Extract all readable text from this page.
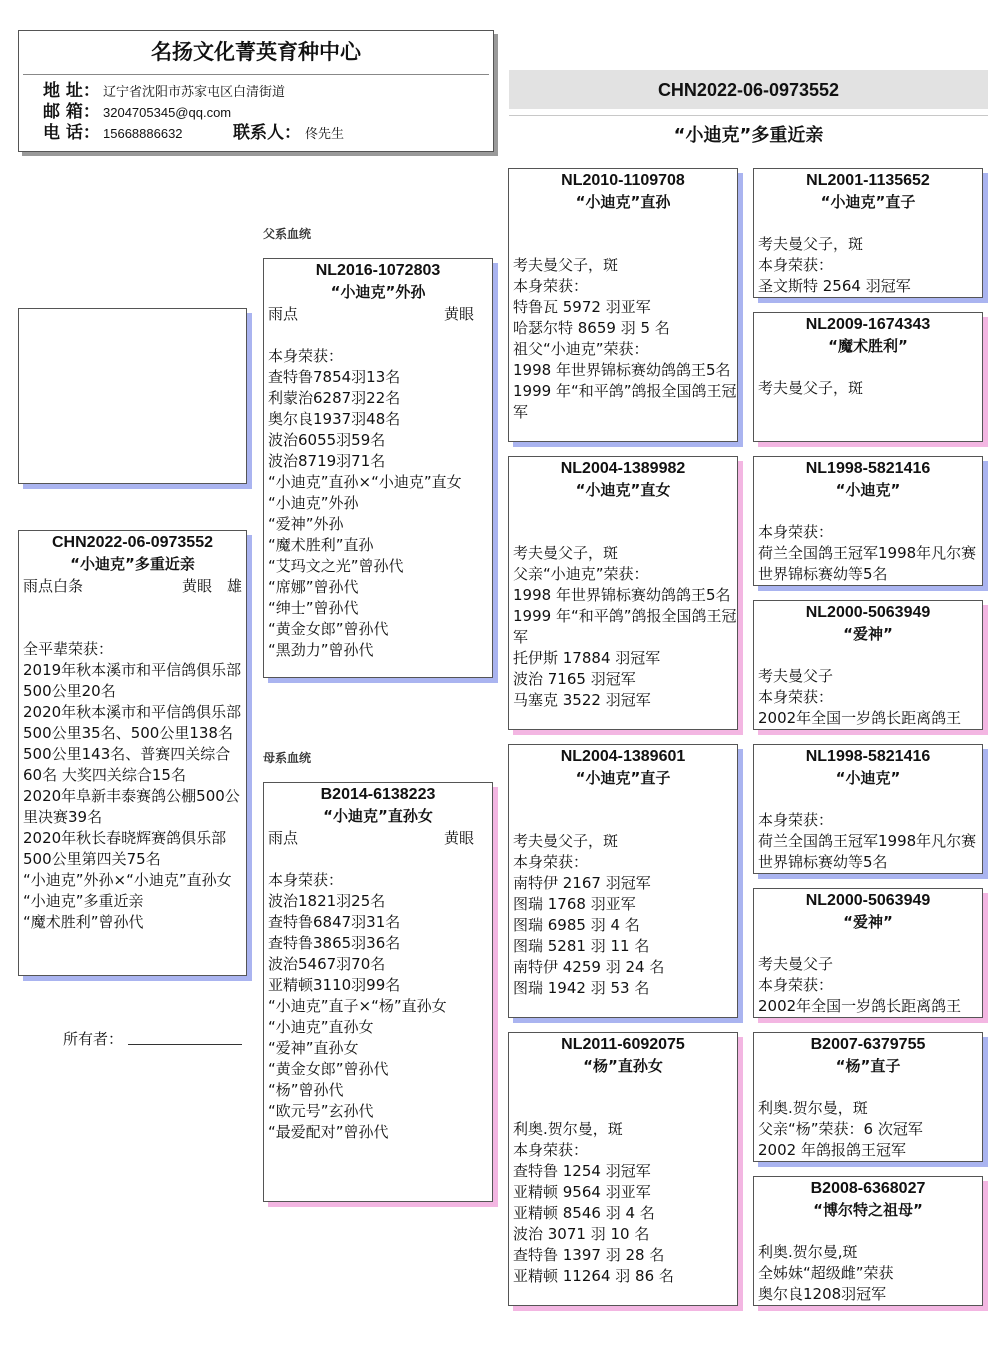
名扬文化菁英育种中心
地 址： 辽宁省沈阳市苏家屯区白清街道
邮 箱： 3204705345@qq.com
电 话： 15668886632	联系人： 佟先生
CHN2022-06-0973552
“小迪克”多重近亲
CHN2022-06-0973552
“小迪克”多重近亲
雨点白条	黄眼　雄
全平辈荣获：
2019年秋本溪市和平信鸽俱乐部500公里20名
2020年秋本溪市和平信鸽俱乐部500公里35名、500公里138名
500公里143名、普赛四关综合60名 大奖四关综合15名
2020年阜新丰泰赛鸽公棚500公里决赛39名
2020年秋长春晓辉赛鸽俱乐部500公里第四关75名
“小迪克”外孙×“小迪克”直孙女
“小迪克”多重近亲
“魔术胜利”曾孙代
所有者：
父系血统
母系血统
NL2016-1072803
“小迪克”外孙
雨点	黄眼
本身荣获：
查特鲁7854羽13名
利蒙治6287羽22名
奥尔良1937羽48名
波治6055羽59名
波治8719羽71名
“小迪克”直孙×“小迪克”直女
“小迪克”外孙
“爱神”外孙
“魔术胜利”直孙
“艾玛文之光”曾孙代
“席娜”曾孙代
“绅士”曾孙代
“黄金女郎”曾孙代
“黑劲力”曾孙代
B2014-6138223
“小迪克”直孙女
雨点	黄眼
本身荣获：
波治1821羽25名
查特鲁6847羽31名
查特鲁3865羽36名
波治5467羽70名
亚精顿3110羽99名
“小迪克”直子×“杨”直孙女
“小迪克”直孙女
“爱神”直孙女
“黄金女郎”曾孙代
“杨”曾孙代
“欧元号”玄孙代
“最爱配对”曾孙代
NL2010-1109708
“小迪克”直孙
考夫曼父子，斑
本身荣获：
特鲁瓦 5972 羽亚军
哈瑟尔特 8659 羽 5 名
祖父“小迪克”荣获：
1998 年世界锦标赛幼鸽鸽王5名
1999 年“和平鸽”鸽报全国鸽王冠军
NL2004-1389982
“小迪克”直女
考夫曼父子，斑
父亲“小迪克”荣获：
1998 年世界锦标赛幼鸽鸽王5名
1999 年“和平鸽”鸽报全国鸽王冠军
托伊斯 17884 羽冠军
波治 7165 羽冠军
马塞克 3522 羽冠军
NL2004-1389601
“小迪克”直子
考夫曼父子，斑
本身荣获：
南特伊 2167 羽冠军
图瑞 1768 羽亚军
图瑞 6985 羽 4 名
图瑞 5281 羽 11 名
南特伊 4259 羽 24 名
图瑞 1942 羽 53 名
NL2011-6092075
“杨”直孙女
利奥.贺尔曼，斑
本身荣获：
查特鲁 1254 羽冠军
亚精顿 9564 羽亚军
亚精顿 8546 羽 4 名
波治 3071 羽 10 名
查特鲁 1397 羽 28 名
亚精顿 11264 羽 86 名
NL2001-1135652
“小迪克”直子
考夫曼父子，斑
本身荣获：
圣文斯特 2564 羽冠军
NL2009-1674343
“魔术胜利”
考夫曼父子，斑
NL1998-5821416
“小迪克”
本身荣获：
荷兰全国鸽王冠军1998年凡尔赛世界锦标赛幼等5名
NL2000-5063949
“爱神”
考夫曼父子
本身荣获：
2002年全国一岁鸽长距离鸽王
NL1998-5821416
“小迪克”
本身荣获：
荷兰全国鸽王冠军1998年凡尔赛世界锦标赛幼等5名
NL2000-5063949
“爱神”
考夫曼父子
本身荣获：
2002年全国一岁鸽长距离鸽王
B2007-6379755
“杨”直子
利奥.贺尔曼，斑
父亲“杨”荣获：6 次冠军
2002 年鸽报鸽王冠军
B2008-6368027
“博尔特之祖母”
利奥.贺尔曼,斑
全姊妹“超级雌”荣获
奥尔良1208羽冠军
